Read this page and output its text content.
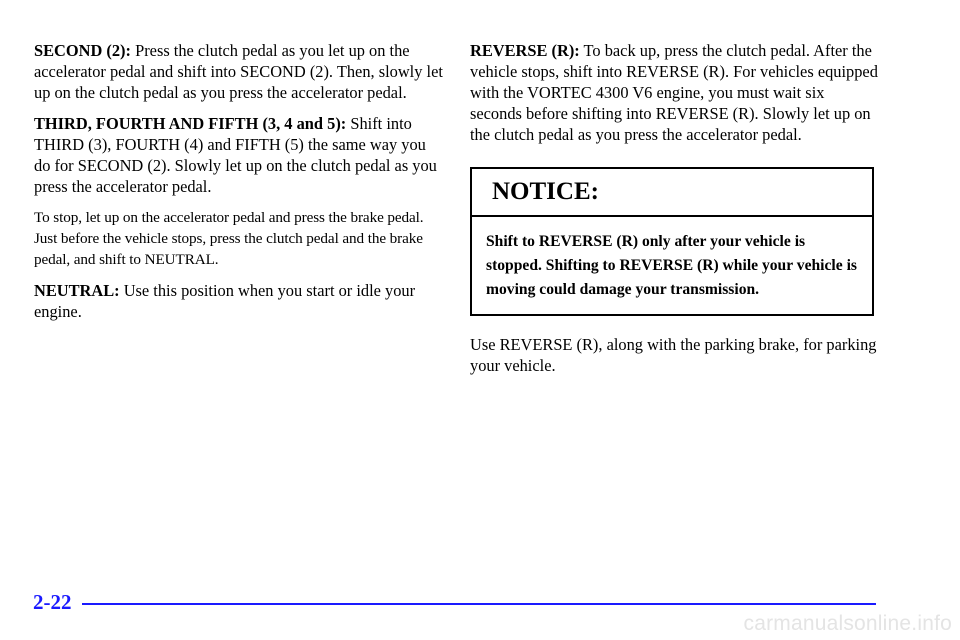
SECOND (2): Press the clutch pedal as you let up on the accelerator pedal and shift into SECOND (2). Then, slowly let up on the clutch pedal as you press the accelerator pedal.

THIRD, FOURTH AND FIFTH (3, 4 and 5): Shift into THIRD (3), FOURTH (4) and FIFTH (5) the same way you do for SECOND (2). Slowly let up on the clutch pedal as you press the accelerator pedal.

To stop, let up on the accelerator pedal and press the brake pedal. Just before the vehicle stops, press the clutch pedal and the brake pedal, and shift to NEUTRAL.

NEUTRAL: Use this position when you start or idle your engine.

REVERSE (R): To back up, press the clutch pedal. After the vehicle stops, shift into REVERSE (R). For vehicles equipped with the VORTEC 4300 V6 engine, you must wait six seconds before shifting into REVERSE (R). Slowly let up on the clutch pedal as you press the accelerator pedal.

NOTICE:
Shift to REVERSE (R) only after your vehicle is stopped. Shifting to REVERSE (R) while your vehicle is moving could damage your transmission.

Use REVERSE (R), along with the parking brake, for parking your vehicle.

2-22
carmanualsonline.info
